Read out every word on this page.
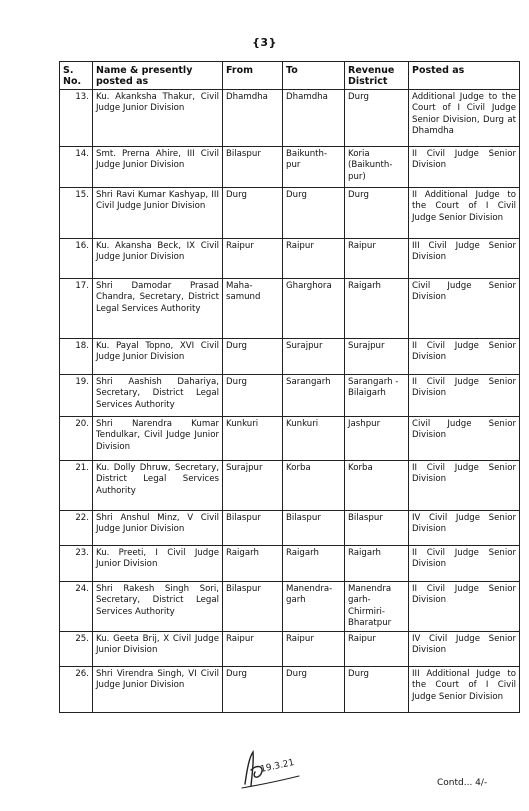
{3}
S. No.	Name & presently posted as	From	To	Revenue District	Posted as
13.	Ku. Akanksha Thakur, Civil Judge Junior Division	Dhamdha	Dhamdha	Durg	Additional Judge to the Court of I Civil Judge Senior Division, Durg at Dhamdha
14.	Smt. Prerna Ahire, III Civil Judge Junior Division	Bilaspur	Baikunth-pur	Koria (Baikunth-pur)	II Civil Judge Senior Division
15.	Shri Ravi Kumar Kashyap, III Civil Judge Junior Division	Durg	Durg	Durg	II Additional Judge to the Court of I Civil Judge Senior Division
16.	Ku. Akansha Beck, IX Civil Judge Junior Division	Raipur	Raipur	Raipur	III Civil Judge Senior Division
17.	Shri Damodar Prasad Chandra, Secretary, District Legal Services Authority	Maha-samund	Gharghora	Raigarh	Civil Judge Senior Division
18.	Ku. Payal Topno, XVI Civil Judge Junior Division	Durg	Surajpur	Surajpur	II Civil Judge Senior Division
19.	Shri Aashish Dahariya, Secretary, District Legal Services Authority	Durg	Sarangarh	Sarangarh - Bilaigarh	II Civil Judge Senior Division
20.	Shri Narendra Kumar Tendulkar, Civil Judge Junior Division	Kunkuri	Kunkuri	Jashpur	Civil Judge Senior Division
21.	Ku. Dolly Dhruw, Secretary, District Legal Services Authority	Surajpur	Korba	Korba	II Civil Judge Senior Division
22.	Shri Anshul Minz, V Civil Judge Junior Division	Bilaspur	Bilaspur	Bilaspur	IV Civil Judge Senior Division
23.	Ku. Preeti, I Civil Judge Junior Division	Raigarh	Raigarh	Raigarh	II Civil Judge Senior Division
24.	Shri Rakesh Singh Sori, Secretary, District Legal Services Authority	Bilaspur	Manendra-garh	Manendra garh-Chirmiri-Bharatpur	II Civil Judge Senior Division
25.	Ku. Geeta Brij, X Civil Judge Junior Division	Raipur	Raipur	Raipur	IV Civil Judge Senior Division
26.	Shri Virendra Singh, VI Civil Judge Junior Division	Durg	Durg	Durg	III Additional Judge to the Court of I Civil Judge Senior Division
19.3.21
Contd... 4/-
